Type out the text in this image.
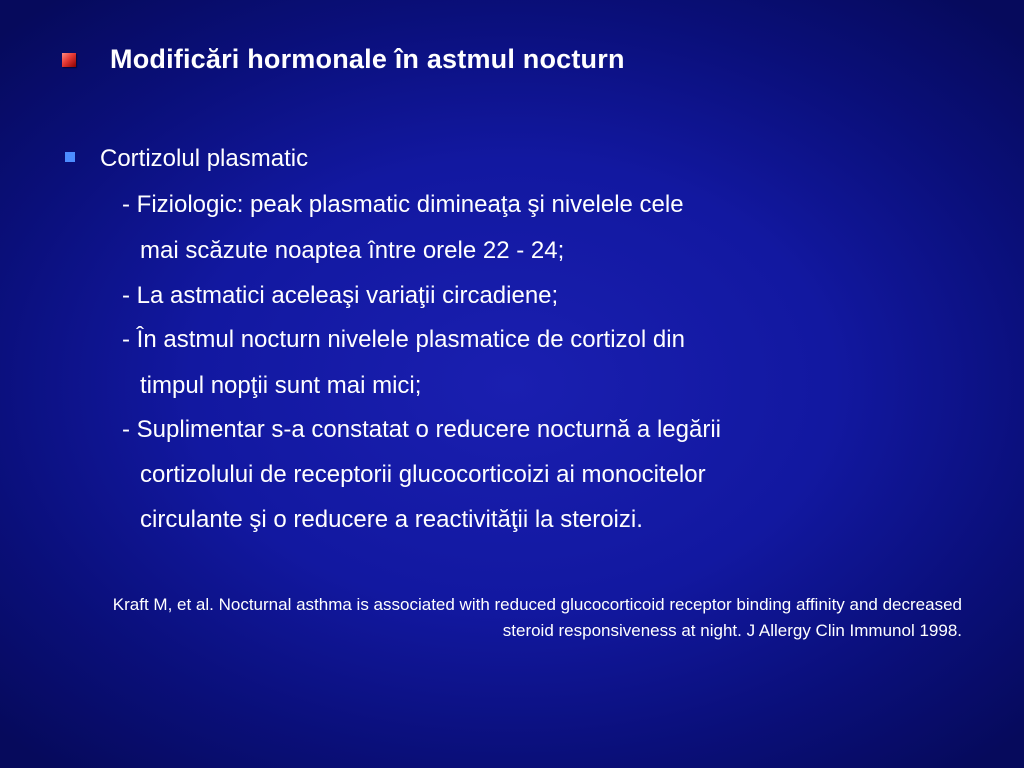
Modificări hormonale în astmul nocturn
Cortizolul plasmatic
- Fiziologic: peak plasmatic dimineaţa şi nivelele cele
mai scăzute noaptea între orele 22 - 24;
- La astmatici aceleaşi variaţii circadiene;
- În astmul nocturn nivelele plasmatice de cortizol din
timpul nopţii sunt mai mici;
- Suplimentar s-a constatat o reducere nocturnă a legării
cortizolului de receptorii glucocorticoizi ai monocitelor
circulante şi o reducere a reactivităţii la steroizi.
Kraft M, et al. Nocturnal asthma is associated with reduced glucocorticoid receptor binding affinity and decreased steroid responsiveness at night. J Allergy Clin Immunol 1998.
